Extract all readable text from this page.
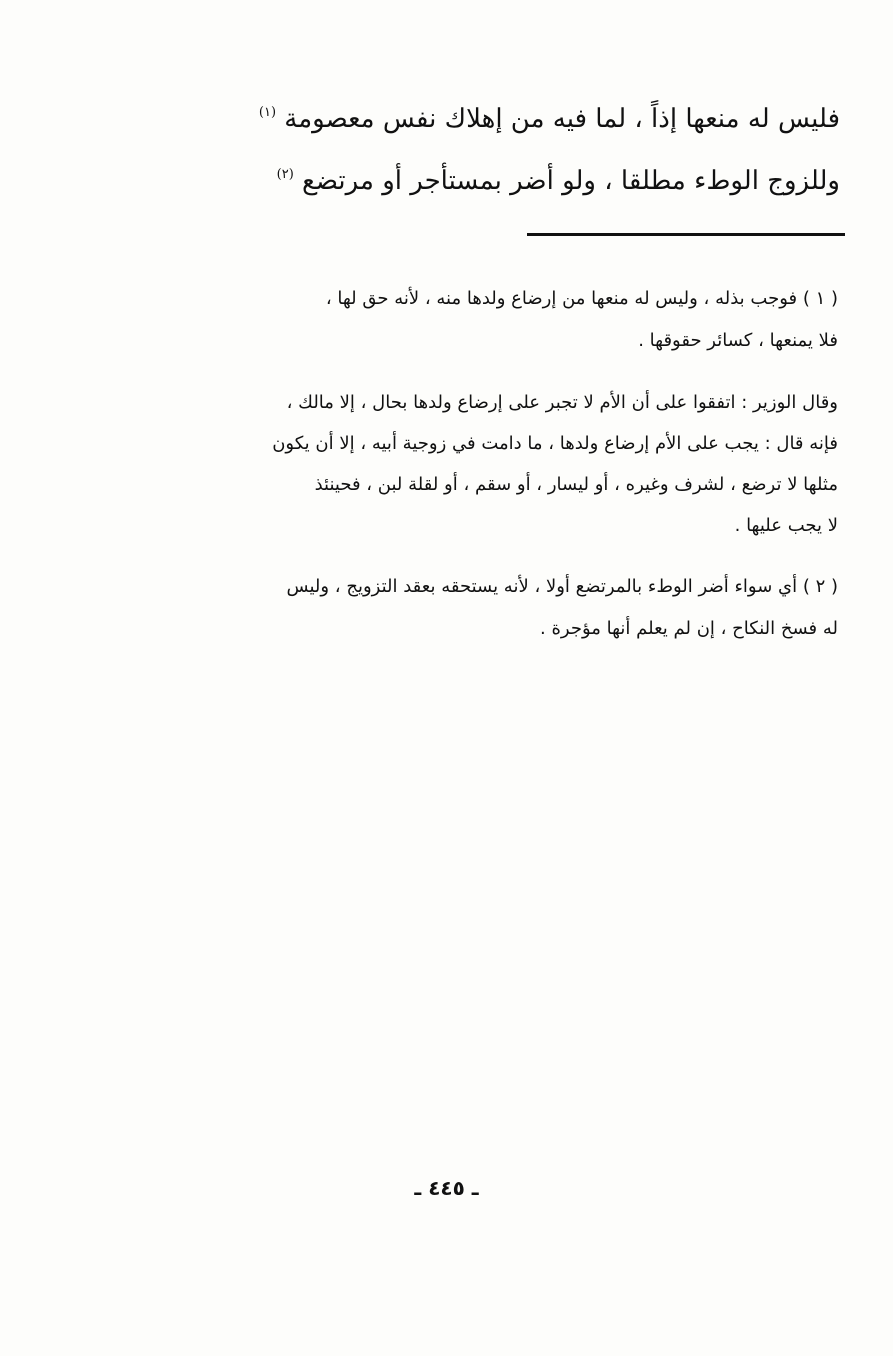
فليس له منعها إذاً ، لما فيه من إهلاك نفس معصومة $^{(١)}$
وللزوج الوطء مطلقا ، ولو أضر بمستأجر أو مرتضع $^{(٢)}$
( ١ ) فوجب بذله ، وليس له منعها من إرضاع ولدها منه ، لأنه حق لها ،
فلا يمنعها ، كسائر حقوقها .
وقال الوزير : اتفقوا على أن الأم لا تجبر على إرضاع ولدها بحال ، إلا مالك ،
فإنه قال : يجب على الأم إرضاع ولدها ، ما دامت في زوجية أبيه ، إلا أن يكون
مثلها لا ترضع ، لشرف وغيره ، أو ليسار ، أو سقم ، أو لقلة لبن ، فحينئذ
لا يجب عليها .
( ٢ ) أي سواء أضر الوطء بالمرتضع أولا ، لأنه يستحقه بعقد التزويج ، وليس
له فسخ النكاح ، إن لم يعلم أنها مؤجرة .
ـ ٤٤٥ ـ
